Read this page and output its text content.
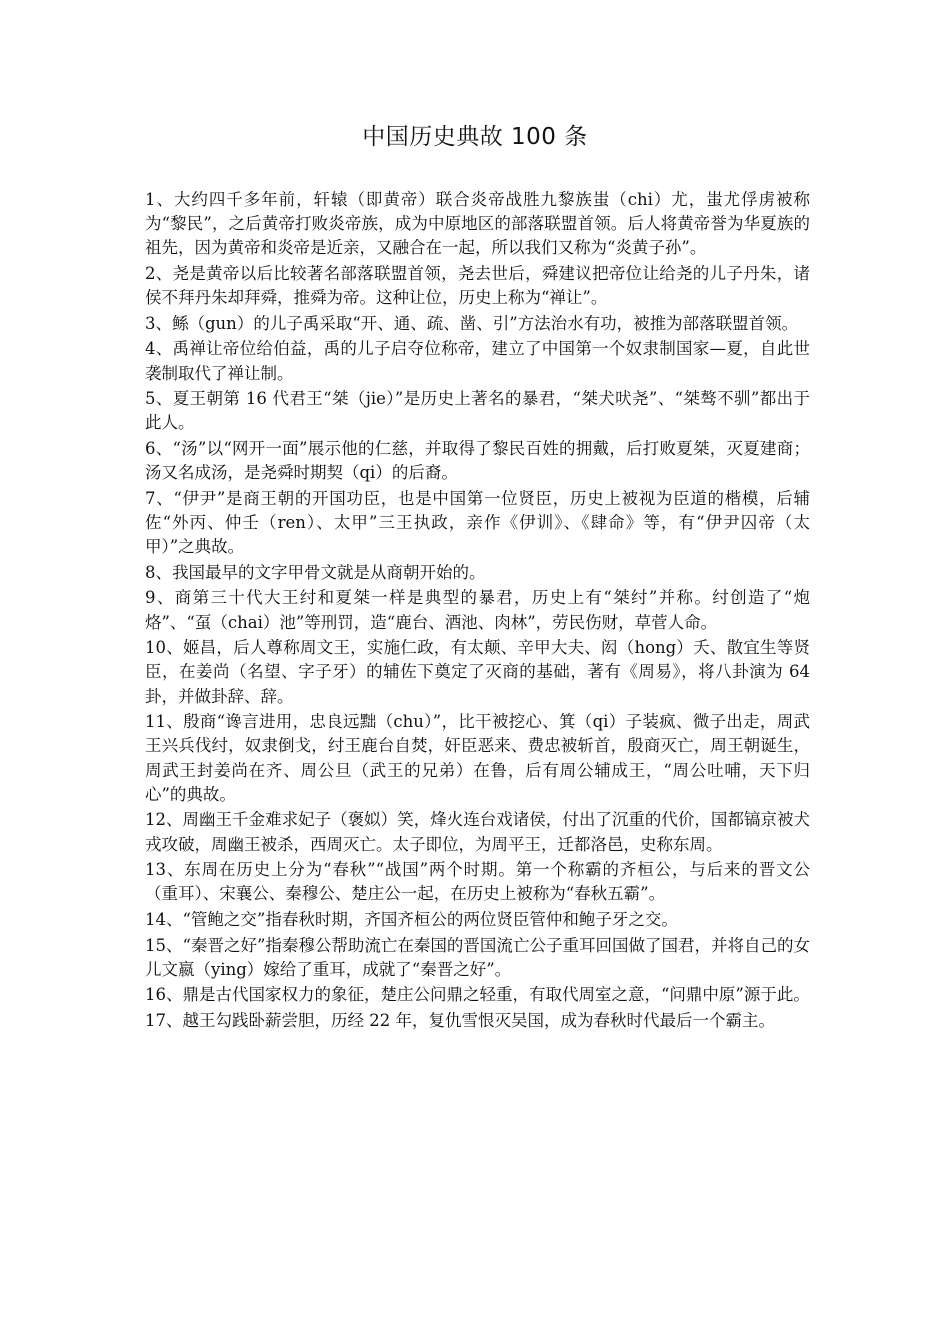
中国历史典故 100 条

1、大约四千多年前，轩辕（即黄帝）联合炎帝战胜九黎族蚩（chi）尤，蚩尤俘虏被称为“黎民”，之后黄帝打败炎帝族，成为中原地区的部落联盟首领。后人将黄帝誉为华夏族的祖先，因为黄帝和炎帝是近亲，又融合在一起，所以我们又称为“炎黄子孙”。

2、尧是黄帝以后比较著名部落联盟首领，尧去世后，舜建议把帝位让给尧的儿子丹朱，诸侯不拜丹朱却拜舜，推舜为帝。这种让位，历史上称为“禅让”。

3、鲧（gun）的儿子禹采取“开、通、疏、凿、引”方法治水有功，被推为部落联盟首领。

4、禹禅让帝位给伯益，禹的儿子启夺位称帝，建立了中国第一个奴隶制国家—夏，自此世袭制取代了禅让制。

5、夏王朝第 16 代君王“桀（jie）”是历史上著名的暴君，“桀犬吠尧”、“桀骜不驯”都出于此人。

6、“汤”以“网开一面”展示他的仁慈，并取得了黎民百姓的拥戴，后打败夏桀，灭夏建商；汤又名成汤，是尧舜时期契（qi）的后裔。

7、“伊尹”是商王朝的开国功臣，也是中国第一位贤臣，历史上被视为臣道的楷模，后辅佐“外丙、仲壬（ren）、太甲”三王执政，亲作《伊训》、《肆命》等，有“伊尹囚帝（太甲）”之典故。

8、我国最早的文字甲骨文就是从商朝开始的。

9、商第三十代大王纣和夏桀一样是典型的暴君，历史上有“桀纣”并称。纣创造了“炮烙”、“虿（chai）池”等刑罚，造“鹿台、酒池、肉林”，劳民伤财，草菅人命。

10、姬昌，后人尊称周文王，实施仁政，有太颠、辛甲大夫、闳（hong）夭、散宜生等贤臣，在姜尚（名望、字子牙）的辅佐下奠定了灭商的基础，著有《周易》，将八卦演为 64 卦，并做卦辞、辞。

11、殷商“谗言进用，忠良远黜（chu）”，比干被挖心、箕（qi）子装疯、微子出走，周武王兴兵伐纣，奴隶倒戈，纣王鹿台自焚，奸臣恶来、费忠被斩首，殷商灭亡，周王朝诞生，周武王封姜尚在齐、周公旦（武王的兄弟）在鲁，后有周公辅成王，“周公吐哺，天下归心”的典故。

12、周幽王千金难求妃子（褒姒）笑，烽火连台戏诸侯，付出了沉重的代价，国都镐京被犬戎攻破，周幽王被杀，西周灭亡。太子即位，为周平王，迁都洛邑，史称东周。

13、东周在历史上分为“春秋”“战国”两个时期。第一个称霸的齐桓公，与后来的晋文公（重耳）、宋襄公、秦穆公、楚庄公一起，在历史上被称为“春秋五霸”。

14、“管鲍之交”指春秋时期，齐国齐桓公的两位贤臣管仲和鲍子牙之交。

15、“秦晋之好”指秦穆公帮助流亡在秦国的晋国流亡公子重耳回国做了国君，并将自己的女儿文嬴（ying）嫁给了重耳，成就了“秦晋之好”。

16、鼎是古代国家权力的象征，楚庄公问鼎之轻重，有取代周室之意，“问鼎中原”源于此。

17、越王勾践卧薪尝胆，历经 22 年，复仇雪恨灭吴国，成为春秋时代最后一个霸主。
